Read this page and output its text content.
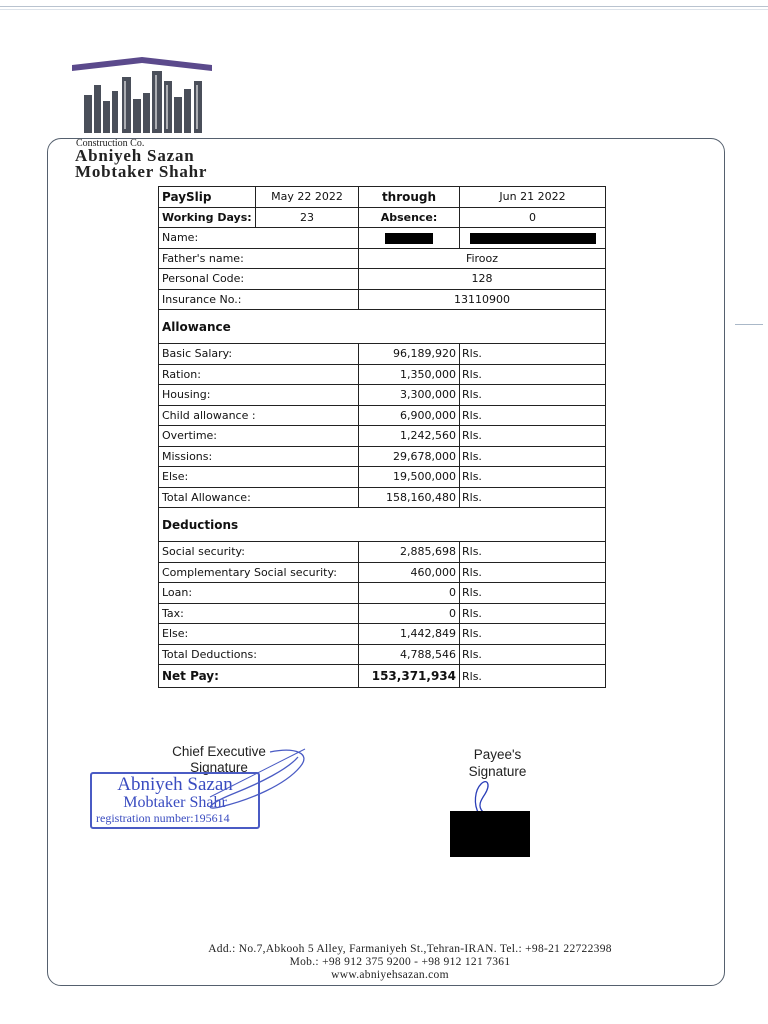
Construction Co.
Abniyeh Sazan
Mobtaker Shahr
PaySlip	May 22 2022	through	Jun 21 2022
Working Days:	23	Absence:	0
Name:			
Father's name:		Firooz	
Personal Code:		128	
Insurance No.:		13110900	
Allowance			
Basic Salary:		96,189,920	Rls.
Ration:		1,350,000	Rls.
Housing:		3,300,000	Rls.
Child allowance :		6,900,000	Rls.
Overtime:		1,242,560	Rls.
Missions:		29,678,000	Rls.
Else:		19,500,000	Rls.
Total Allowance:		158,160,480	Rls.
Deductions			
Social security:		2,885,698	Rls.
Complementary Social security:		460,000	Rls.
Loan:		0	Rls.
Tax:		0	Rls.
Else:		1,442,849	Rls.
Total Deductions:		4,788,546	Rls.
Net Pay:		153,371,934	Rls.
Chief Executive
Signature
Abniyeh Sazan
Mobtaker Shahr
registration number:195614
Payee's
Signature
Add.: No.7,Abkooh 5 Alley, Farmaniyeh St.,Tehran-IRAN. Tel.: +98-21 22722398
Mob.: +98 912 375 9200 - +98 912 121 7361
www.abniyehsazan.com
